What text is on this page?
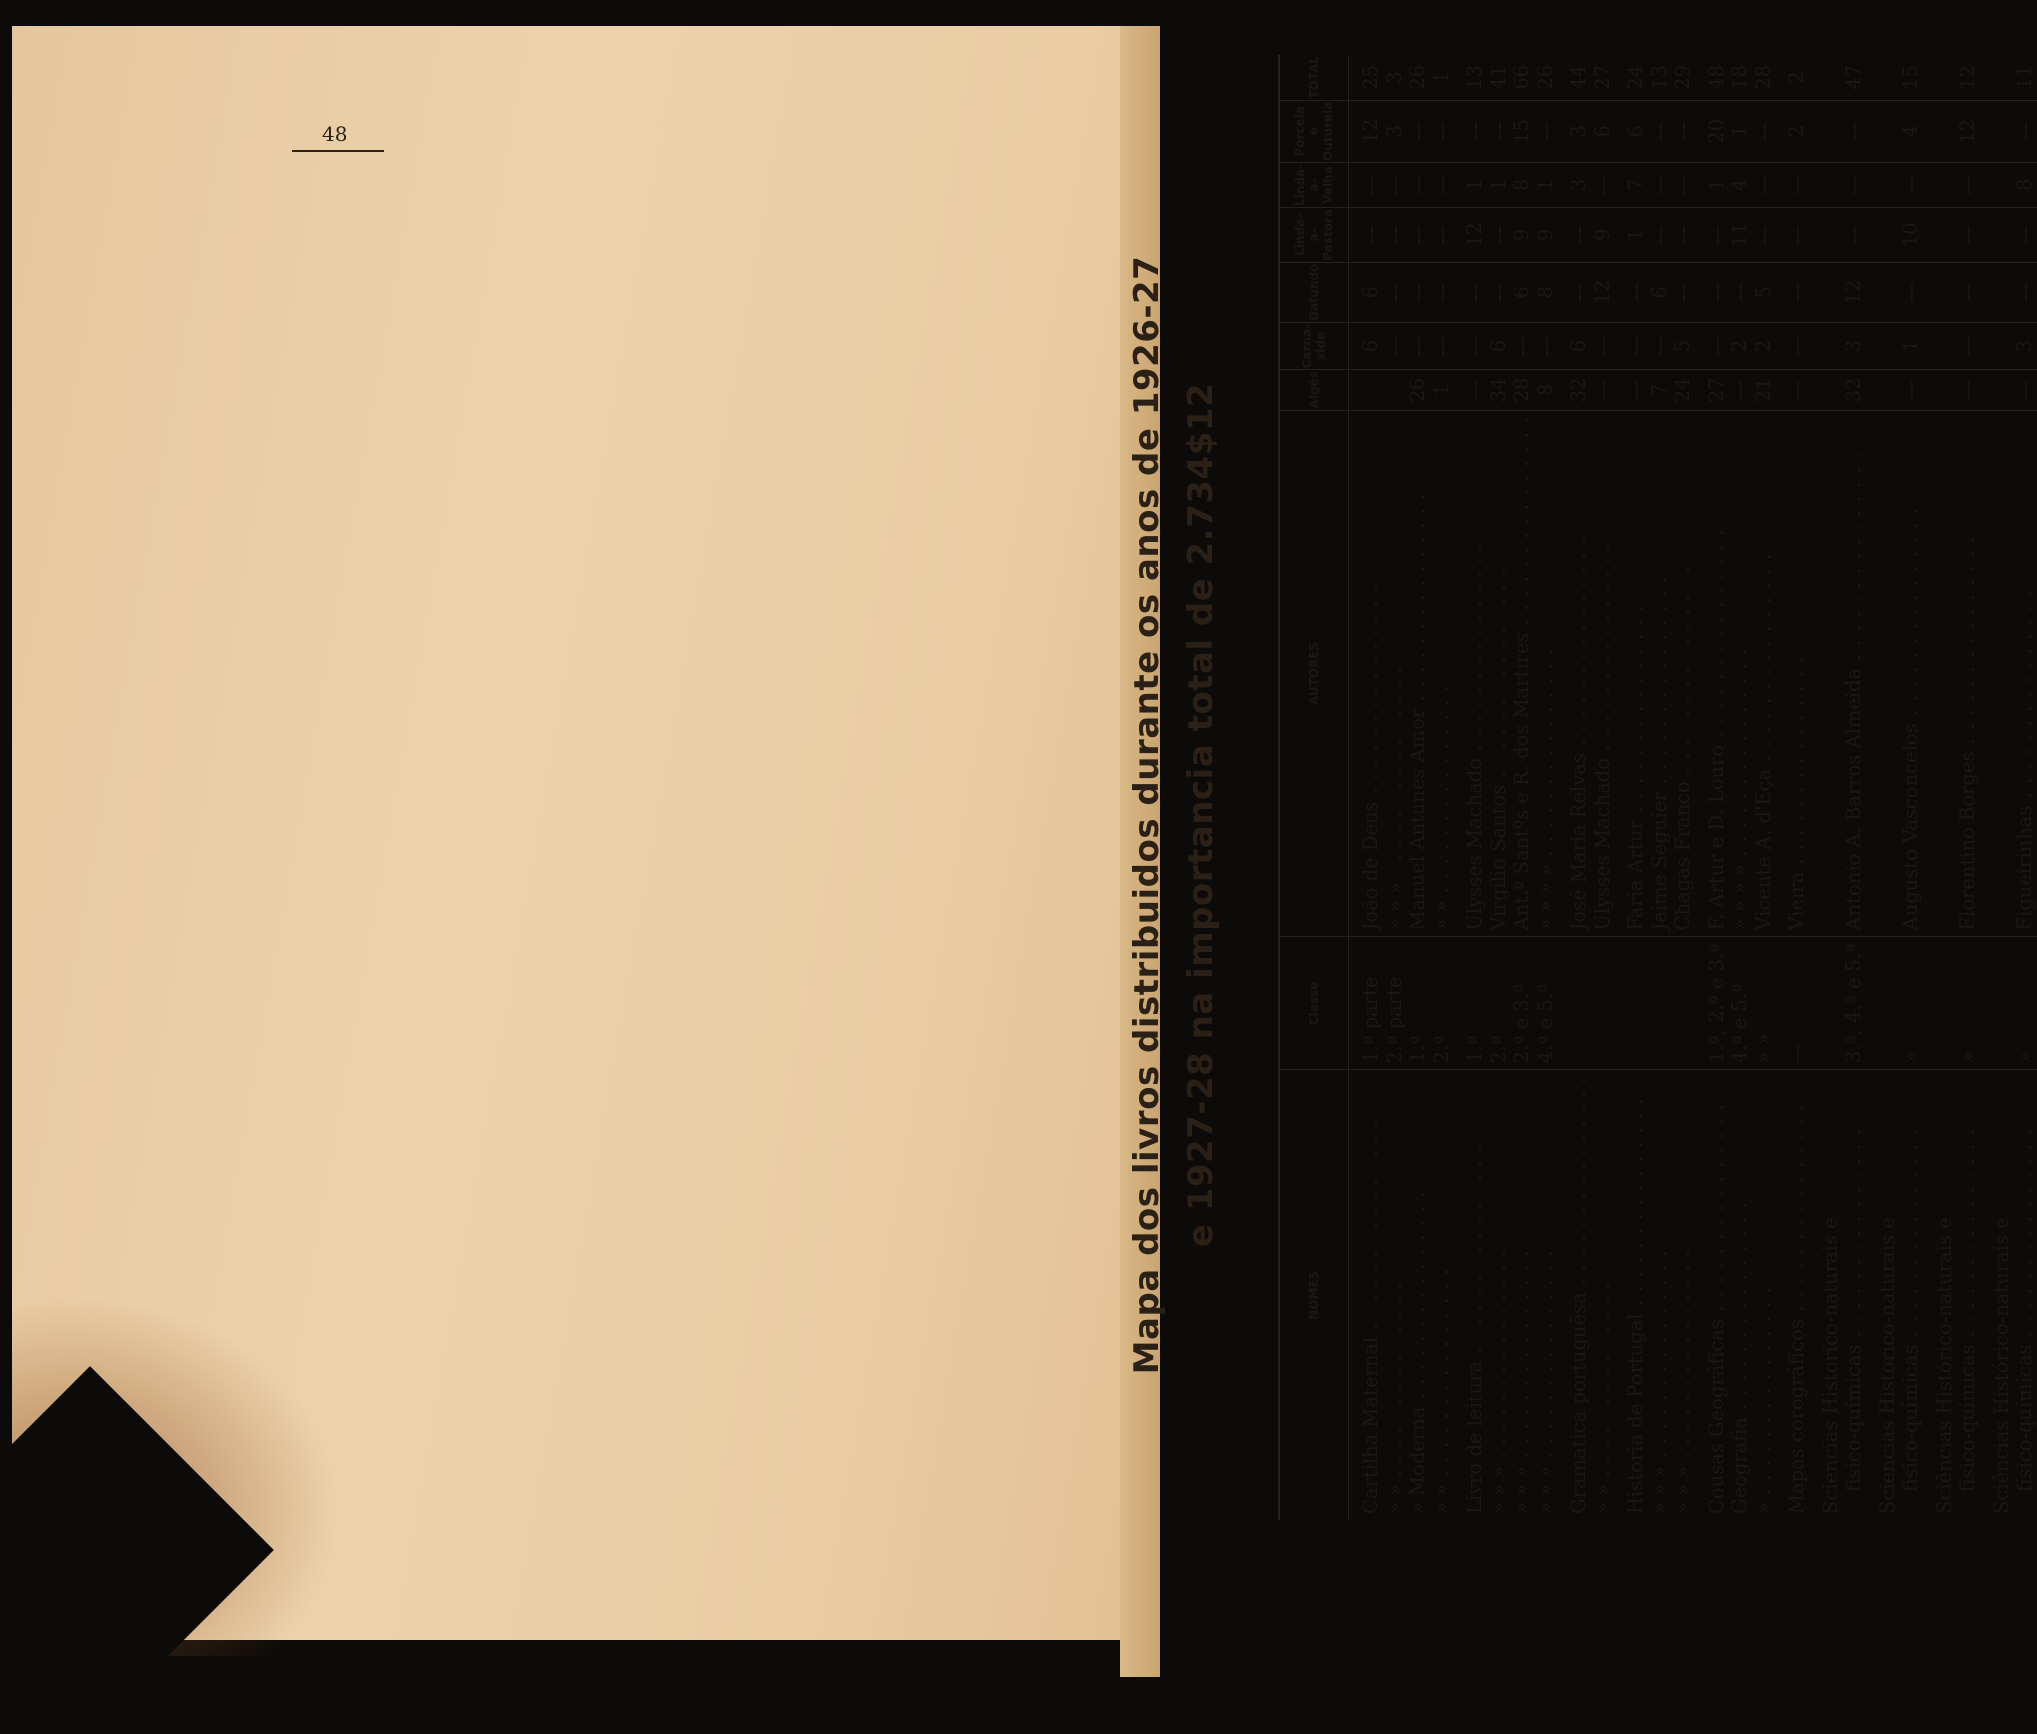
48
Mapa dos livros distribuidos durante os anos de 1926-27 e 1927-28 na importancia total de 2.734$12
NOMES	Classe	AUTORES	Algés	Carna-xide	Dafundo	Linda-a-Pastora	Linda-a-Velha	Porcela e Outurela	TOTAL
Cartilha Maternal . . .	1.ª parte	João de Deus . . .		6	6	—	—	12	25
» » . . .	2.ª parte	» » » . . .		—	—	—	—	3	3
» Moderna . . .	1.ª	Manuel Antunes Amor . . .	26	—	—	—	—	—	26
» » . . .	2.ª	» » . . .	1	—	—	—	—	—	1
Livro de leitura . . .	1.ª	Ulysses Machado . . .	—	—	—	12	1	—	13
» » » . . .	2.ª	Virgilio Santos . . .	34	6	—	—	1	—	41
» » » . . .	2.ª e 3.ª	Ant.º Santºs e R. dos Martires . . .	28	—	6	9	8	15	66
» » » . . .	4.ª e 5.ª	» » » » . . .	8	—	8	9	1	—	26
Gramatica portuguêsa . . .		José Maria Relvas . . .	32	6	—	—	3	3	44
» » . . .		Ulysses Machado . . .	—	—	12	9	—	6	27
Historia de Portugal . . .		Faria Artur . . .	—	—	—	1	7	6	24
» » » . . .		Jaime Seguier . . .	7	—	6	—	—	—	13
» » » . . .		Chagas Franco . . .	24	5	—	—	—	—	29
Cousas Geográficas . . .	1.ª, 2.ª e 3.ª	F. Artur e D. Louro . . .	27	—	—	—	1	20	48
Geografia . . .	4.ª e 5.ª	» » » » . . .	—	2	—	11	4	1	18
» . . .	» »	Vicente A. d'Eça . . .	21	2	5	—	—	—	28
Mapas corográficos . . .	—	Vieira . . .	—	—	—	—	—	2	2

Sciencias Historico-naturais e físico-químicas . . .	3.ª, 4.ª e 5.ª	Antonio A. Barros Almeida . . .	32	3	12	—	—	—	47

Sciencias Historico-naturais e físico-químicas . . .	»	Augusto Vasconcelos . . .	—	1	—	10	—	4	15

Sciências Histórico-naturais e físico-químicas . . .	»	Florentino Borges . . .	—	—	—	—	—	12	12

Sciências Histórico-naturais e físico-químicas . . .	»	Figueirinhas . . .	—	3	—	—	8	—	11
